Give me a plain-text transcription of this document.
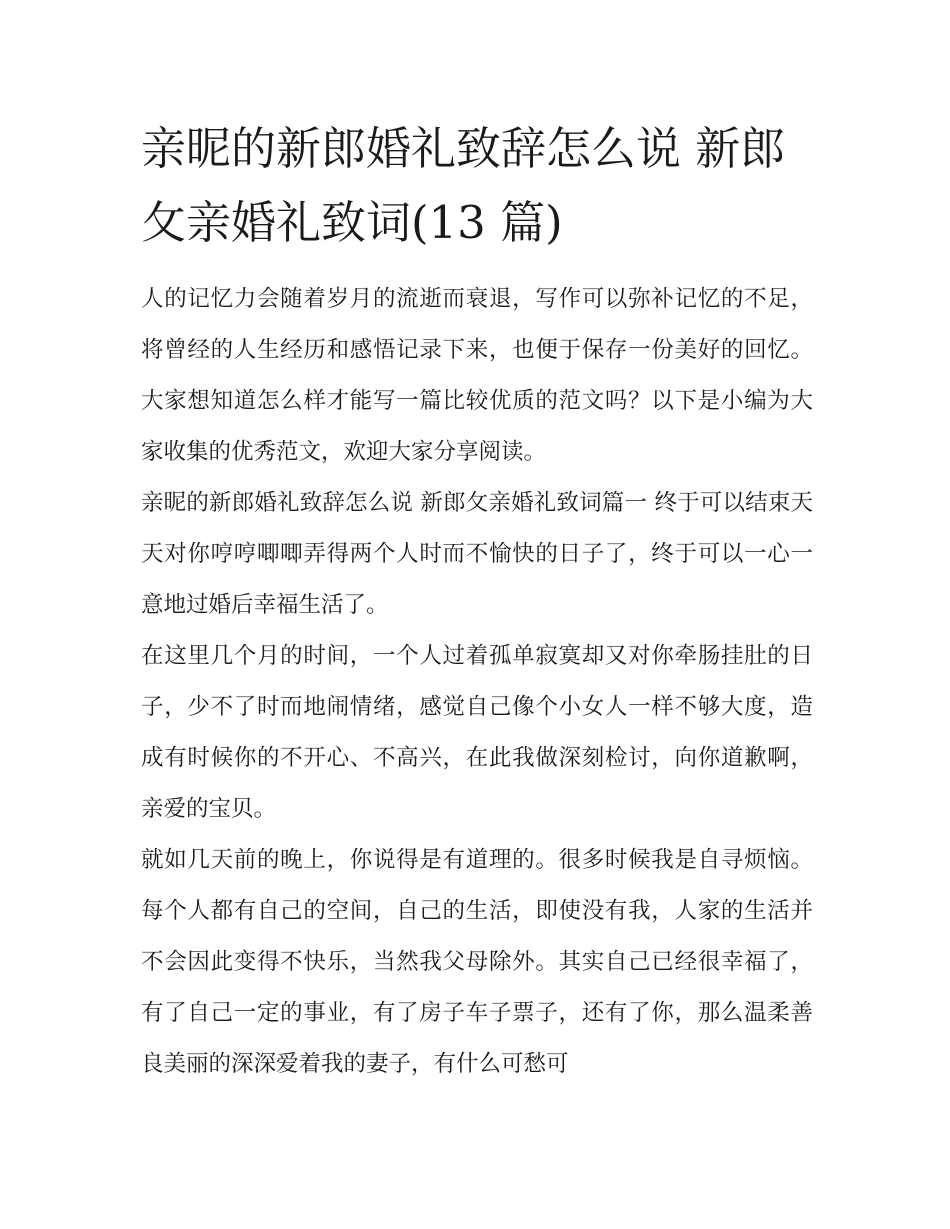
亲昵的新郎婚礼致辞怎么说 新郎攵亲婚礼致词(13 篇)

人的记忆力会随着岁月的流逝而衰退，写作可以弥补记忆的不足，将曾经的人生经历和感悟记录下来，也便于保存一份美好的回忆。大家想知道怎么样才能写一篇比较优质的范文吗？以下是小编为大家收集的优秀范文，欢迎大家分享阅读。

亲昵的新郎婚礼致辞怎么说 新郎攵亲婚礼致词篇一 终于可以结束天天对你哼哼唧唧弄得两个人时而不愉快的日子了，终于可以一心一意地过婚后幸福生活了。

在这里几个月的时间，一个人过着孤单寂寞却又对你牵肠挂肚的日子，少不了时而地闹情绪，感觉自己像个小女人一样不够大度，造成有时候你的不开心、不高兴，在此我做深刻检讨，向你道歉啊，亲爱的宝贝。

就如几天前的晚上，你说得是有道理的。很多时候我是自寻烦恼。每个人都有自己的空间，自己的生活，即使没有我，人家的生活并不会因此变得不快乐，当然我父母除外。其实自己已经很幸福了，有了自己一定的事业，有了房子车子票子，还有了你，那么温柔善良美丽的深深爱着我的妻子，有什么可愁可
